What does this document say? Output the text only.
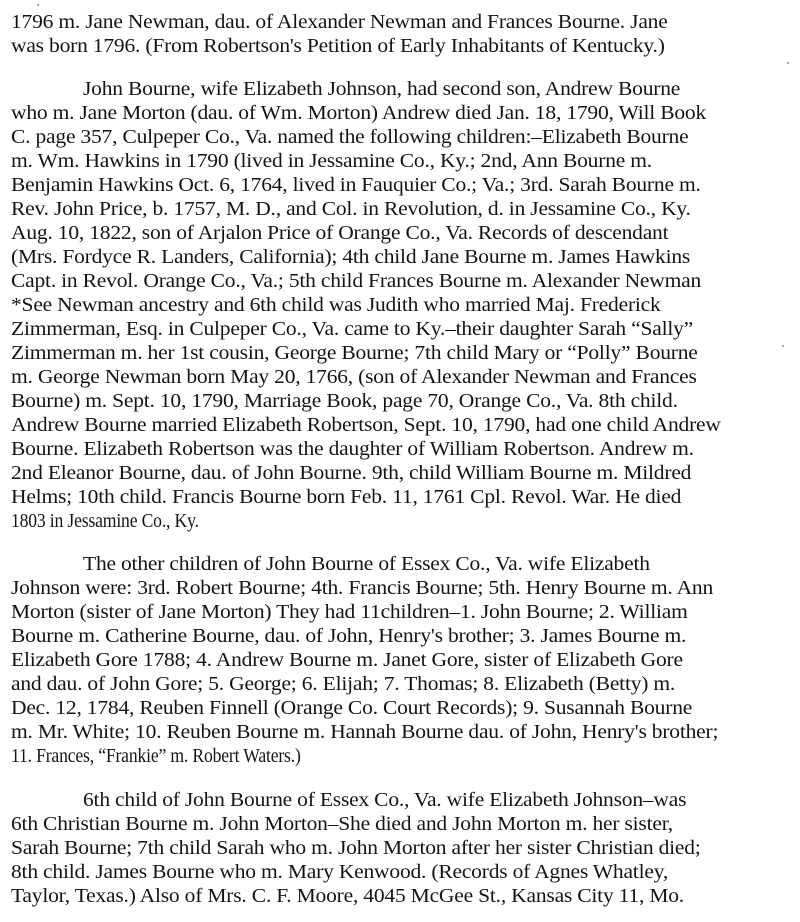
1796 m. Jane Newman, dau. of Alexander Newman and Frances Bourne. Jane
was born 1796. (From Robertson's Petition of Early Inhabitants of Kentucky.)
John Bourne, wife Elizabeth Johnson, had second son, Andrew Bourne
who m. Jane Morton (dau. of Wm. Morton) Andrew died Jan. 18, 1790, Will Book
C. page 357, Culpeper Co., Va. named the following children:–Elizabeth Bourne
m. Wm. Hawkins in 1790 (lived in Jessamine Co., Ky.; 2nd, Ann Bourne m.
Benjamin Hawkins Oct. 6, 1764, lived in Fauquier Co.; Va.; 3rd. Sarah Bourne m.
Rev. John Price, b. 1757, M. D., and Col. in Revolution, d. in Jessamine Co., Ky.
Aug. 10, 1822, son of Arjalon Price of Orange Co., Va. Records of descendant
(Mrs. Fordyce R. Landers, California); 4th child Jane Bourne m. James Hawkins
Capt. in Revol. Orange Co., Va.; 5th child Frances Bourne m. Alexander Newman
*See Newman ancestry and 6th child was Judith who married Maj. Frederick
Zimmerman, Esq. in Culpeper Co., Va. came to Ky.–their daughter Sarah “Sally”
Zimmerman m. her 1st cousin, George Bourne; 7th child Mary or “Polly” Bourne
m. George Newman born May 20, 1766, (son of Alexander Newman and Frances
Bourne) m. Sept. 10, 1790, Marriage Book, page 70, Orange Co., Va. 8th child.
Andrew Bourne married Elizabeth Robertson, Sept. 10, 1790, had one child Andrew
Bourne. Elizabeth Robertson was the daughter of William Robertson. Andrew m.
2nd Eleanor Bourne, dau. of John Bourne. 9th, child William Bourne m. Mildred
Helms; 10th child. Francis Bourne born Feb. 11, 1761 Cpl. Revol. War. He died
1803 in Jessamine Co., Ky.
The other children of John Bourne of Essex Co., Va. wife Elizabeth
Johnson were: 3rd. Robert Bourne; 4th. Francis Bourne; 5th. Henry Bourne m. Ann
Morton (sister of Jane Morton) They had 11children–1. John Bourne; 2. William
Bourne m. Catherine Bourne, dau. of John, Henry's brother; 3. James Bourne m.
Elizabeth Gore 1788; 4. Andrew Bourne m. Janet Gore, sister of Elizabeth Gore
and dau. of John Gore; 5. George; 6. Elijah; 7. Thomas; 8. Elizabeth (Betty) m.
Dec. 12, 1784, Reuben Finnell (Orange Co. Court Records); 9. Susannah Bourne
m. Mr. White; 10. Reuben Bourne m. Hannah Bourne dau. of John, Henry's brother;
11. Frances, “Frankie” m. Robert Waters.)
6th child of John Bourne of Essex Co., Va. wife Elizabeth Johnson–was
6th Christian Bourne m. John Morton–She died and John Morton m. her sister,
Sarah Bourne; 7th child Sarah who m. John Morton after her sister Christian died;
8th child. James Bourne who m. Mary Kenwood. (Records of Agnes Whatley,
Taylor, Texas.) Also of Mrs. C. F. Moore, 4045 McGee St., Kansas City 11, Mo.
